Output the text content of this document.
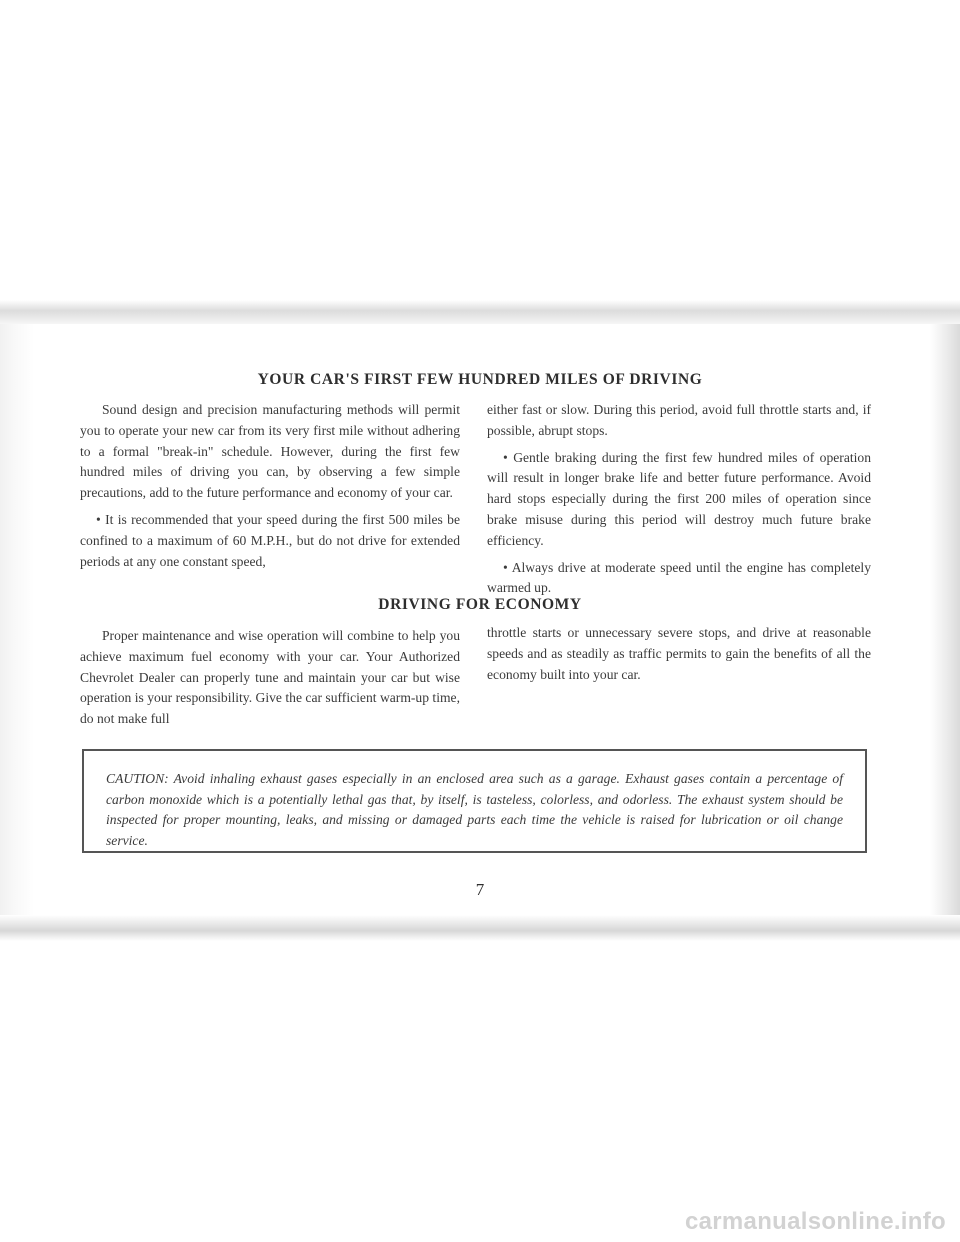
YOUR CAR'S FIRST FEW HUNDRED MILES OF DRIVING

Sound design and precision manufacturing methods will permit you to operate your new car from its very first mile without adhering to a formal "break-in" schedule. However, during the first few hundred miles of driving you can, by observing a few simple precautions, add to the future performance and economy of your car.

• It is recommended that your speed during the first 500 miles be confined to a maximum of 60 M.P.H., but do not drive for extended periods at any one constant speed,

either fast or slow. During this period, avoid full throttle starts and, if possible, abrupt stops.

• Gentle braking during the first few hundred miles of operation will result in longer brake life and better future performance. Avoid hard stops especially during the first 200 miles of operation since brake misuse during this period will destroy much future brake efficiency.

• Always drive at moderate speed until the engine has completely warmed up.

DRIVING FOR ECONOMY

Proper maintenance and wise operation will combine to help you achieve maximum fuel economy with your car. Your Authorized Chevrolet Dealer can properly tune and maintain your car but wise operation is your responsibility. Give the car sufficient warm-up time, do not make full

throttle starts or unnecessary severe stops, and drive at reasonable speeds and as steadily as traffic permits to gain the benefits of all the economy built into your car.

CAUTION: Avoid inhaling exhaust gases especially in an enclosed area such as a garage. Exhaust gases contain a percentage of carbon monoxide which is a potentially lethal gas that, by itself, is tasteless, colorless, and odorless. The exhaust system should be inspected for proper mounting, leaks, and missing or damaged parts each time the vehicle is raised for lubrication or oil change service.
7
carmanualsonline.info
